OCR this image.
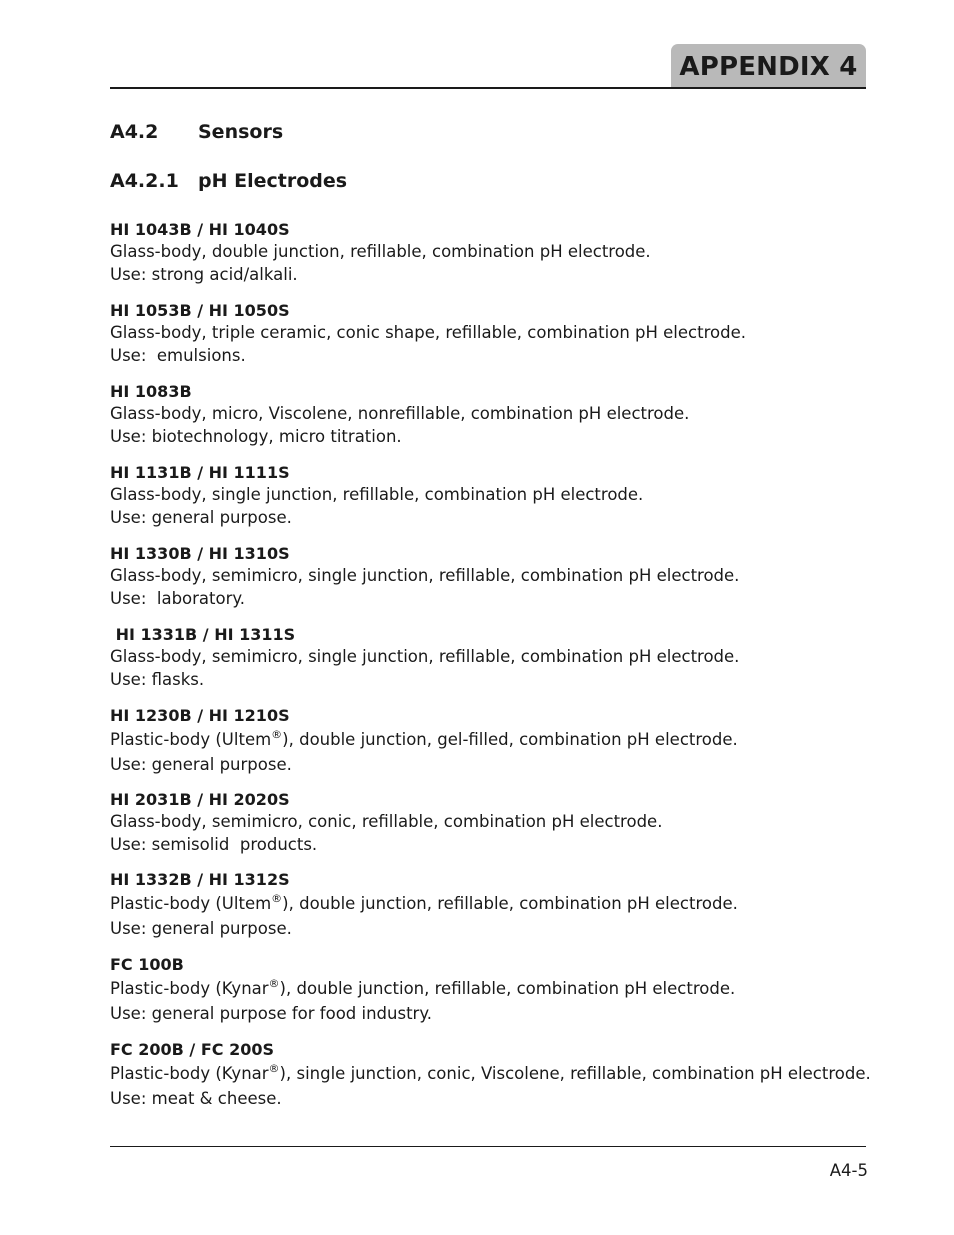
APPENDIX 4
A4.2 Sensors
A4.2.1 pH Electrodes
HI 1043B / HI 1040S
Glass-body, double junction, refillable, combination pH electrode.
Use: strong acid/alkali.
HI 1053B / HI 1050S
Glass-body, triple ceramic, conic shape, refillable, combination pH electrode.
Use:  emulsions.
HI 1083B
Glass-body, micro, Viscolene, nonrefillable, combination pH electrode.
Use: biotechnology, micro titration.
HI 1131B / HI 1111S
Glass-body, single junction, refillable, combination pH electrode.
Use: general purpose.
HI 1330B / HI 1310S
Glass-body, semimicro, single junction, refillable, combination pH electrode.
Use:  laboratory.
HI 1331B / HI 1311S
Glass-body, semimicro, single junction, refillable, combination pH electrode.
Use: flasks.
HI 1230B / HI 1210S
Plastic-body (Ultem®), double junction, gel-filled, combination pH electrode.
Use: general purpose.
HI 2031B / HI 2020S
Glass-body, semimicro, conic, refillable, combination pH electrode.
Use: semisolid  products.
HI 1332B / HI 1312S
Plastic-body (Ultem®), double junction, refillable, combination pH electrode.
Use: general purpose.
FC 100B
Plastic-body (Kynar®), double junction, refillable, combination pH electrode.
Use: general purpose for food industry.
FC 200B / FC 200S
Plastic-body (Kynar®), single junction, conic, Viscolene, refillable, combination pH electrode.
Use: meat & cheese.
A4-5
